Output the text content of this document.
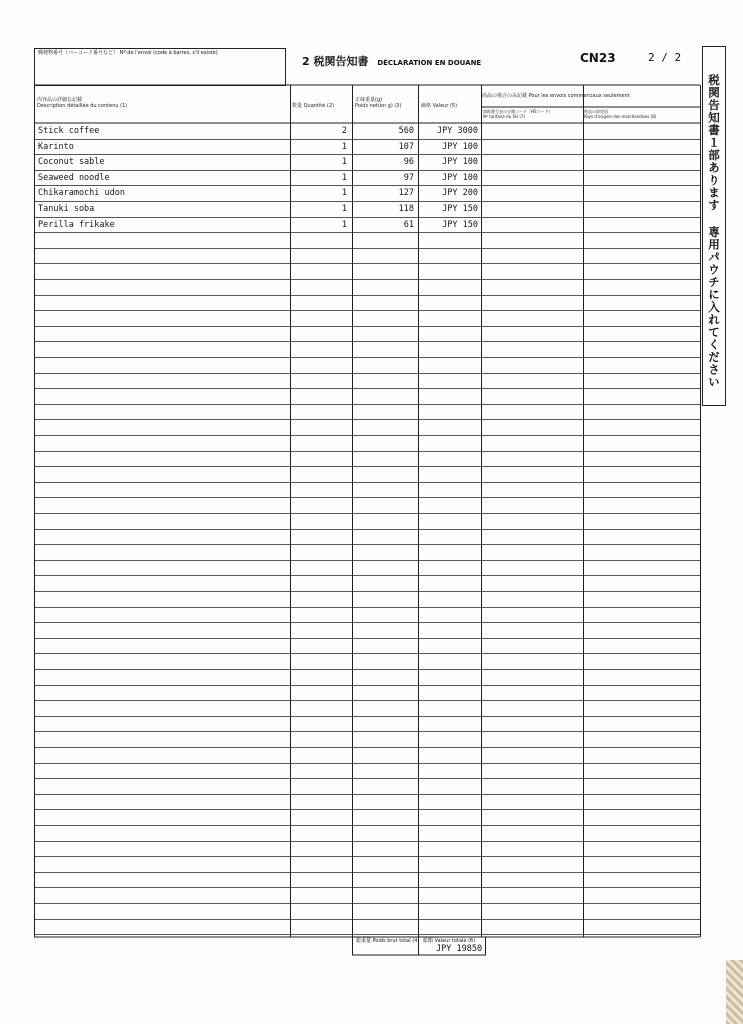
郵便物番号（バーコード番号など） Nº de l'envoi (code à barres, s'il existe)
2 税関告知書 DÉCLARATION EN DOUANE	CN23	2 / 2
税関告知書１部あります
専用パウチに入れてください
内容品の詳細な記載
Description détaillée du contenu (1)	数量 Quantité (2)
正味重量(g)
Poids net(en g) (3)	価格 Valeur (5)
商品の場合のみ記載 Pour les envois commerciaux seulement
関税番号表の分類コード（HSコード）
Nº tarifaire du SH (7)
物品の原産国
Pays d'origine des marchandises (8)
Stick coffee	2	560	JPY 3000
Karinto	1	107	JPY 100
Coconut sable	1	96	JPY 100
Seaweed noodle	1	97	JPY 100
Chikaramochi udon	1	127	JPY 200
Tanuki soba	1	118	JPY 150
Perilla frikake	1	61	JPY 150
総重量 Poids brut total (4) 総額 Valeur totale (6)
JPY 19850
